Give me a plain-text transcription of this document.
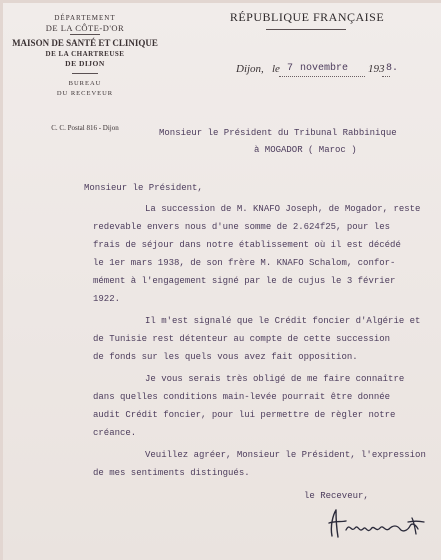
DÉPARTEMENT
DE LA CÔTE-D'OR
MAISON DE SANTÉ ET CLINIQUE
DE LA CHARTREUSE
DE DIJON
BUREAU
DU RECEVEUR
C. C. Postal 816 - Dijon
RÉPUBLIQUE FRANÇAISE
Dijon, le 7 novembre 193 8.
Monsieur le Président du Tribunal Rabbinique
à MOGADOR ( Maroc )
Monsieur le Président,
La succession de M. KNAFO Joseph, de Mogador, reste
redevable envers nous d'une somme de 2.624f25, pour les
frais de séjour dans notre établissement où il est décédé
le 1er mars 1938, de son frère M. KNAFO Schalom, confor-
mément à l'engagement signé par le de cujus le 3 février
1922.
Il m'est signalé que le Crédit foncier d'Algérie et
de Tunisie rest détenteur au compte de cette succession
de fonds sur les quels vous avez fait opposition.
Je vous serais très obligé de me faire connaître
dans quelles conditions main-levée pourrait être donnée
audit Crédit foncier, pour lui permettre de règler notre
créance.
Veuillez agréer, Monsieur le Président, l'expression
de mes sentiments distingués.
le Receveur,
